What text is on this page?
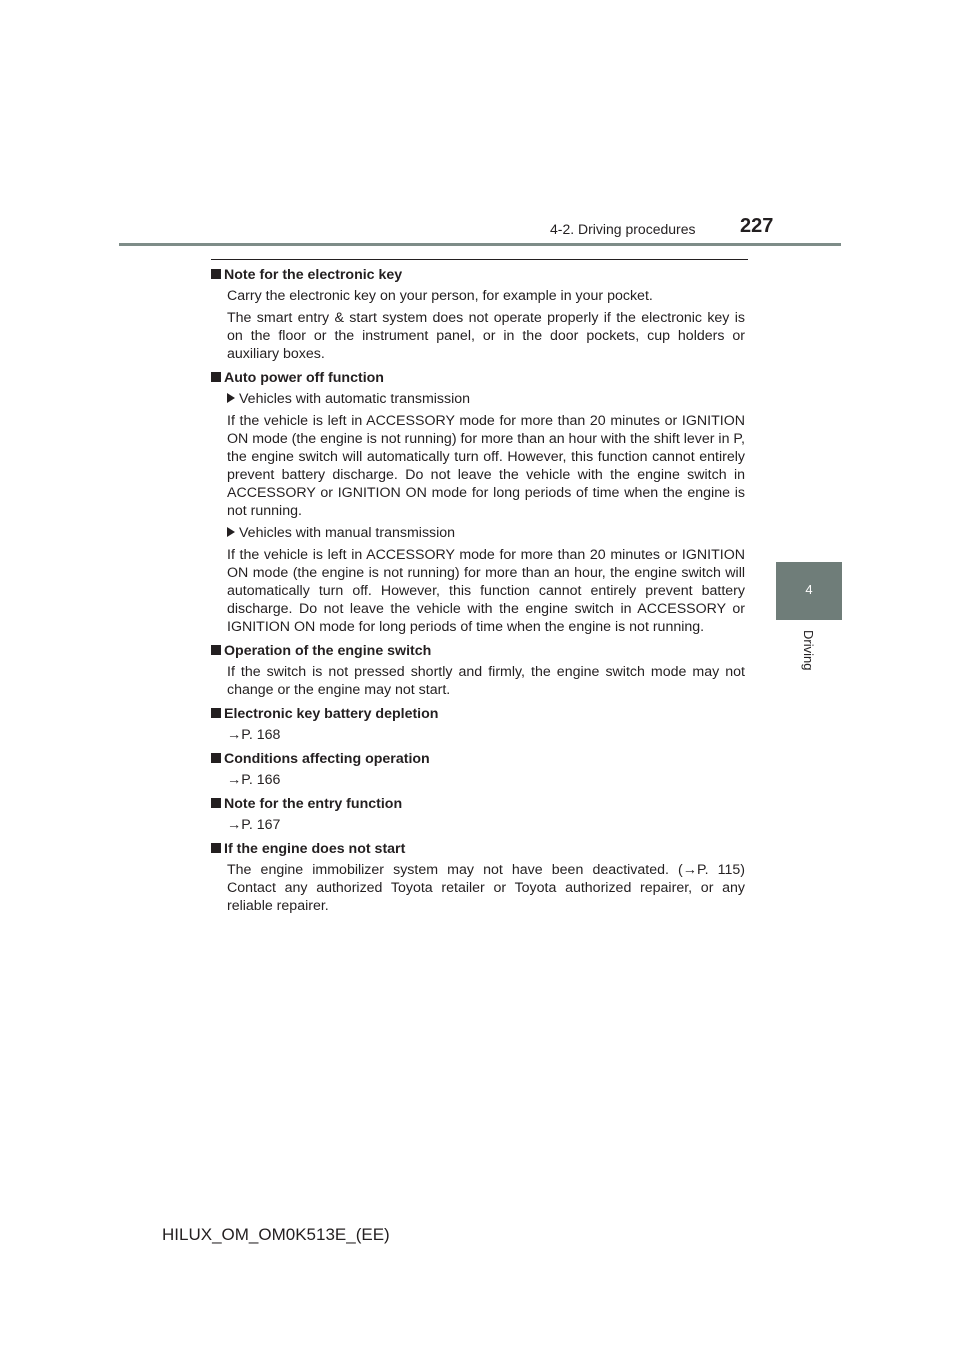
4-2. Driving procedures 227
4
Driving
Note for the electronic key
Carry the electronic key on your person, for example in your pocket.
The smart entry & start system does not operate properly if the electronic key is on the floor or the instrument panel, or in the door pockets, cup holders or auxiliary boxes.
Auto power off function
Vehicles with automatic transmission
If the vehicle is left in ACCESSORY mode for more than 20 minutes or IGNITION ON mode (the engine is not running) for more than an hour with the shift lever in P, the engine switch will automatically turn off. However, this function cannot entirely prevent battery discharge. Do not leave the vehicle with the engine switch in ACCESSORY or IGNITION ON mode for long periods of time when the engine is not running.
Vehicles with manual transmission
If the vehicle is left in ACCESSORY mode for more than 20 minutes or IGNITION ON mode (the engine is not running) for more than an hour, the engine switch will automatically turn off. However, this function cannot entirely prevent battery discharge. Do not leave the vehicle with the engine switch in ACCESSORY or IGNITION ON mode for long periods of time when the engine is not running.
Operation of the engine switch
If the switch is not pressed shortly and firmly, the engine switch mode may not change or the engine may not start.
Electronic key battery depletion
→P. 168
Conditions affecting operation
→P. 166
Note for the entry function
→P. 167
If the engine does not start
The engine immobilizer system may not have been deactivated. (→P. 115) Contact any authorized Toyota retailer or Toyota authorized repairer, or any reliable repairer.
HILUX_OM_OM0K513E_(EE)
